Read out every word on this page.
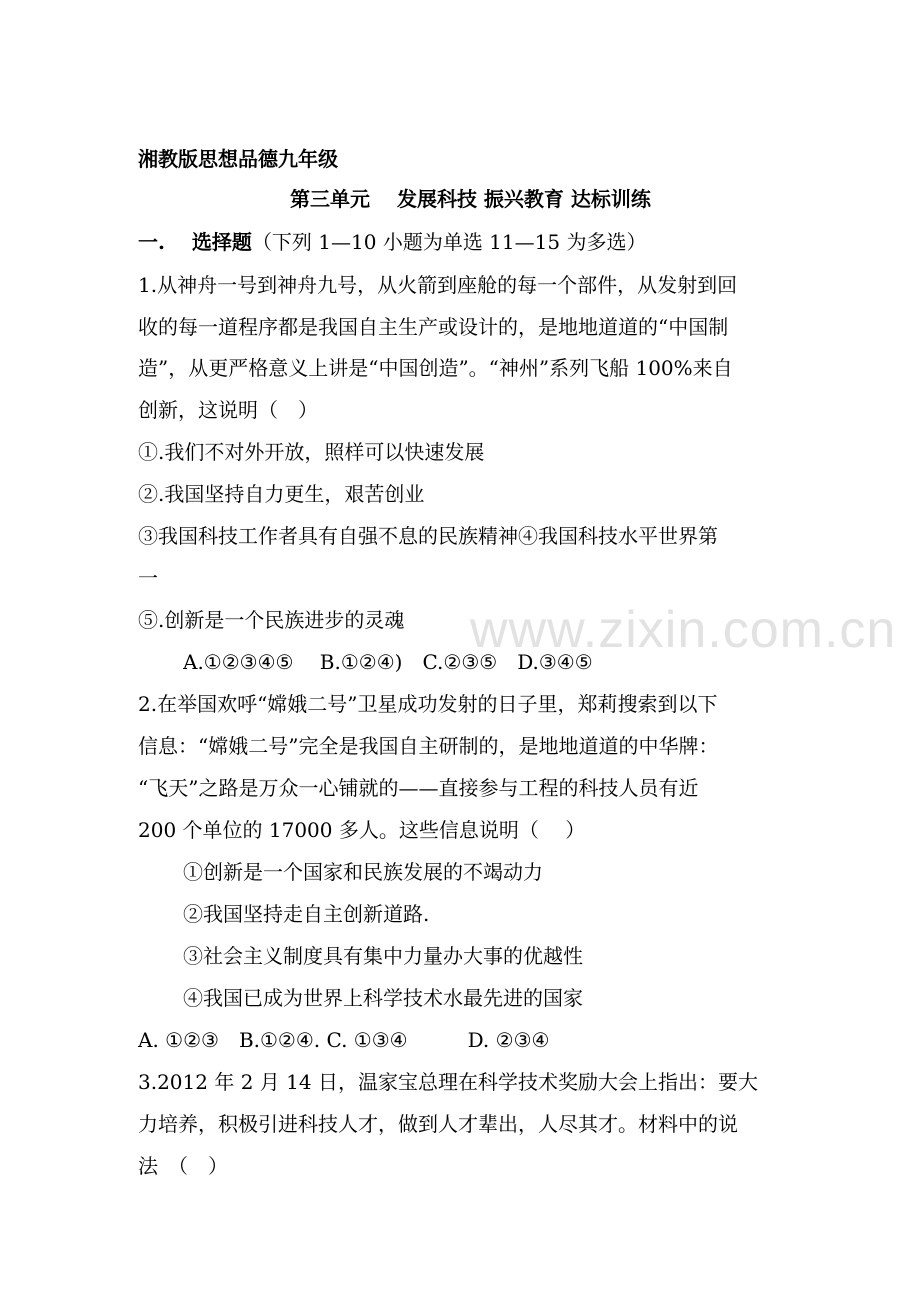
www.zixin.com.cn
湘教版思想品德九年级
第三单元　 发展科技 振兴教育 达标训练
一.　 选择题（下列 1—10 小题为单选 11—15 为多选）
1.从神舟一号到神舟九号，从火箭到座舱的每一个部件，从发射到回
收的每一道程序都是我国自主生产或设计的，是地地道道的“中国制
造”，从更严格意义上讲是“中国创造”。“神州”系列飞船 100%来自
创新，这说明（　）
①.我们不对外开放，照样可以快速发展
②.我国坚持自力更生，艰苦创业
③我国科技工作者具有自强不息的民族精神④我国科技水平世界第
一
⑤.创新是一个民族进步的灵魂
A.①②③④⑤　 B.①②④)　C.②③⑤　D.③④⑤
2.在举国欢呼“嫦娥二号”卫星成功发射的日子里，郑莉搜索到以下
信息：“嫦娥二号”完全是我国自主研制的，是地地道道的中华牌：
“飞天”之路是万众一心铺就的——直接参与工程的科技人员有近
200 个单位的 17000 多人。这些信息说明（　 ）
①创新是一个国家和民族发展的不竭动力
②我国坚持走自主创新道路.
③社会主义制度具有集中力量办大事的优越性
④我国已成为世界上科学技术水最先进的国家
A. ①②③　B.①②④. C. ①③④　　　D. ②③④
3.2012 年 2 月 14 日，温家宝总理在科学技术奖励大会上指出：要大
力培养，积极引进科技人才，做到人才辈出，人尽其才。材料中的说
法　（　）
